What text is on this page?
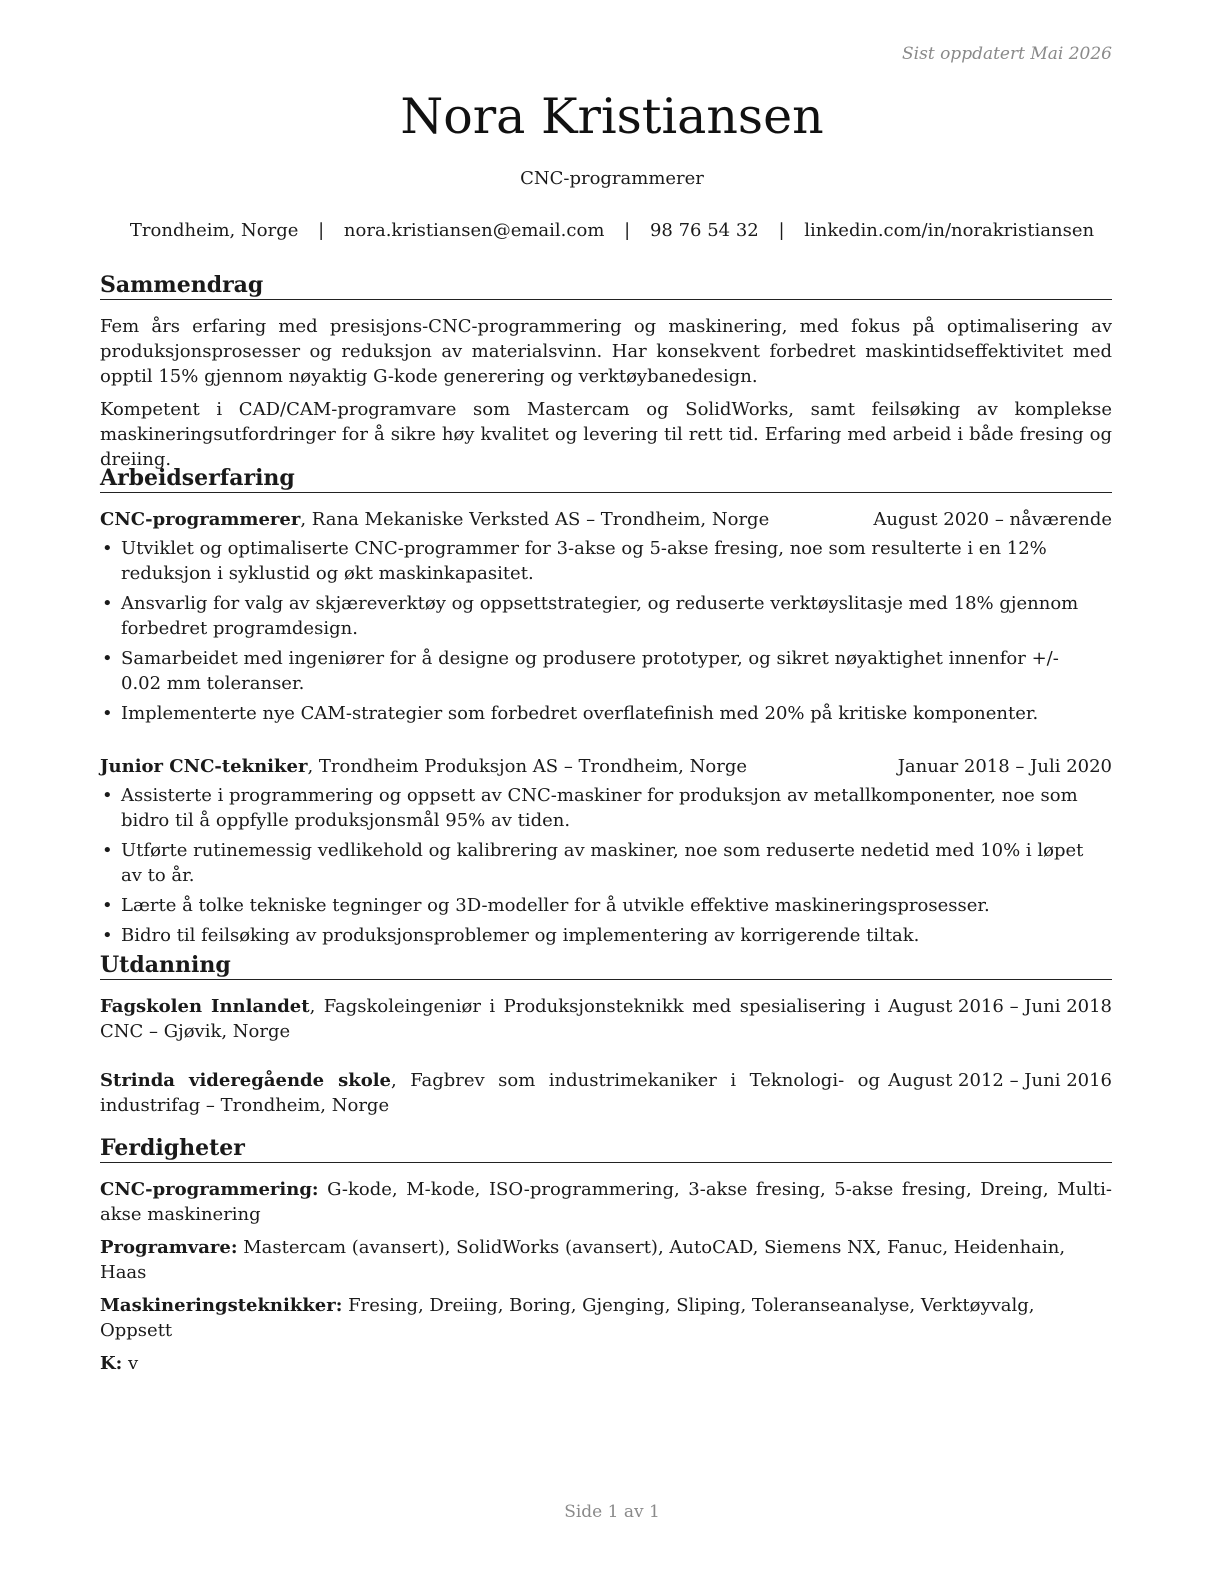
Sist oppdatert Mai 2026
Nora Kristiansen
CNC-programmerer
Trondheim, Norge | nora.kristiansen@email.com | 98 76 54 32 | linkedin.com/in/norakristiansen
Sammendrag

Fem års erfaring med presisjons-CNC-programmering og maskinering, med fokus på optimalisering av produksjonsprosesser og reduksjon av materialsvinn. Har konsekvent forbedret maskintidseffektivitet med opptil 15% gjennom nøyaktig G-kode generering og verktøybanedesign.

Kompetent i CAD/CAM-programvare som Mastercam og SolidWorks, samt feilsøking av komplekse maskineringsutfordringer for å sikre høy kvalitet og levering til rett tid. Erfaring med arbeid i både fresing og dreiing.

Arbeidserfaring
CNC-programmerer, Rana Mekaniske Verksted AS – Trondheim, Norge	August 2020 – nåværende
• Utviklet og optimaliserte CNC-programmer for 3-akse og 5-akse fresing, noe som resulterte i en 12% reduksjon i syklustid og økt maskinkapasitet.
• Ansvarlig for valg av skjæreverktøy og oppsettstrategier, og reduserte verktøyslitasje med 18% gjennom forbedret programdesign.
• Samarbeidet med ingeniører for å designe og produsere prototyper, og sikret nøyaktighet innenfor +/- 0.02 mm toleranser.
• Implementerte nye CAM-strategier som forbedret overflatefinish med 20% på kritiske komponenter.
Junior CNC-tekniker, Trondheim Produksjon AS – Trondheim, Norge	Januar 2018 – Juli 2020
• Assisterte i programmering og oppsett av CNC-maskiner for produksjon av metallkomponenter, noe som bidro til å oppfylle produksjonsmål 95% av tiden.
• Utførte rutinemessig vedlikehold og kalibrering av maskiner, noe som reduserte nedetid med 10% i løpet av to år.
• Lærte å tolke tekniske tegninger og 3D-modeller for å utvikle effektive maskineringsprosesser.
• Bidro til feilsøking av produksjonsproblemer og implementering av korrigerende tiltak.
Utdanning
Fagskolen Innlandet, Fagskoleingeniør i Produksjonsteknikk med spesialisering i CNC – Gjøvik, Norge
August 2016 – Juni 2018
Strinda videregående skole, Fagbrev som industrimekaniker i Teknologi- og industrifag – Trondheim, Norge
August 2012 – Juni 2016
Ferdigheter

CNC-programmering: G-kode, M-kode, ISO-programmering, 3-akse fresing, 5-akse fresing, Dreing, Multi-akse maskinering

Programvare: Mastercam (avansert), SolidWorks (avansert), AutoCAD, Siemens NX, Fanuc, Heidenhain, Haas

Maskineringsteknikker: Fresing, Dreiing, Boring, Gjenging, Sliping, Toleranseanalyse, Verktøyvalg, Oppsett

K: v

Side 1 av 1
